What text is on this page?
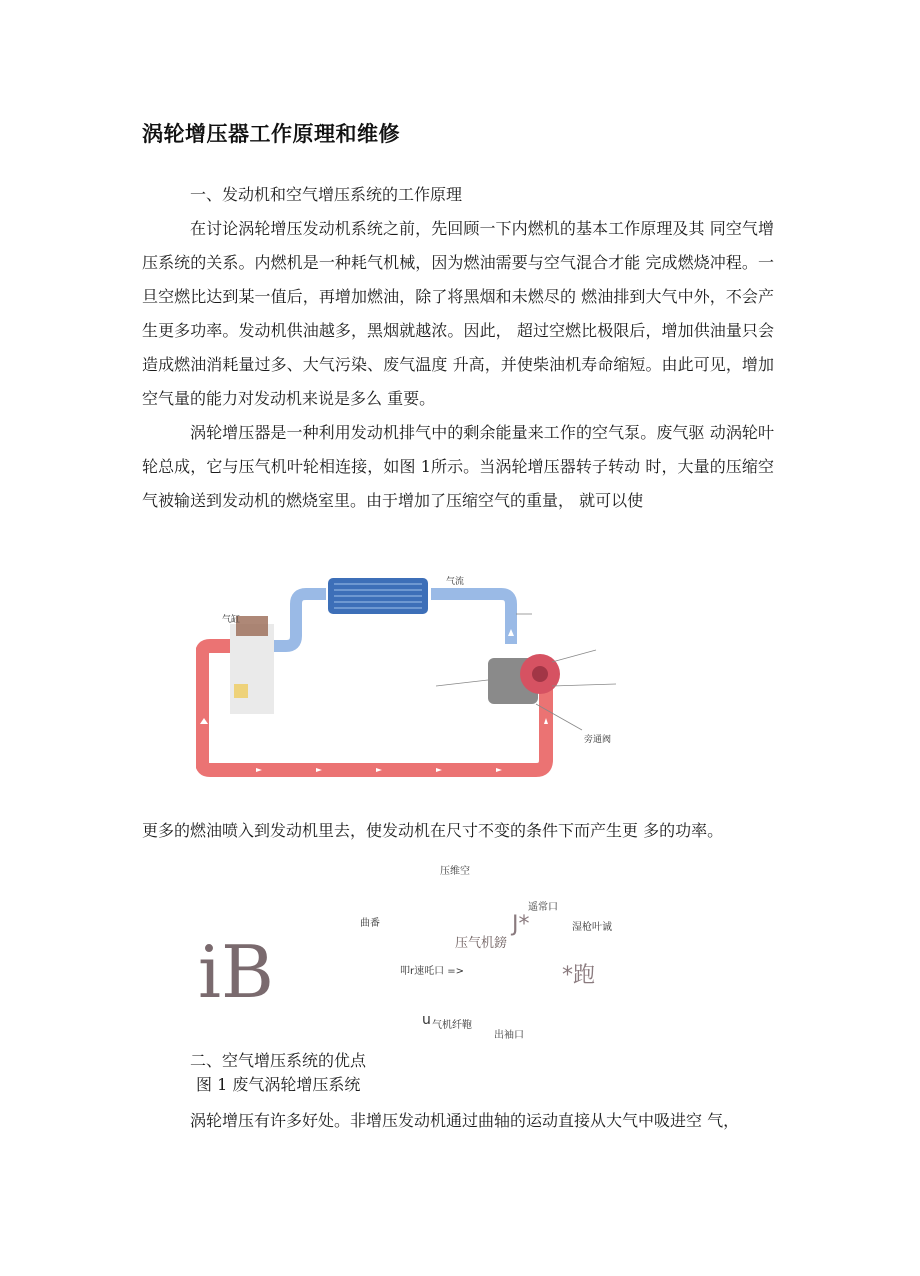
涡轮增压器工作原理和维修
一、发动机和空气增压系统的工作原理

在讨论涡轮增压发动机系统之前，先回顾一下内燃机的基本工作原理及其 同空气增压系统的关系。内燃机是一种耗气机械，因为燃油需要与空气混合才能 完成燃烧冲程。一旦空燃比达到某一值后，再增加燃油，除了将黑烟和未燃尽的 燃油排到大气中外，不会产生更多功率。发动机供油越多，黑烟就越浓。因此， 超过空燃比极限后，增加供油量只会造成燃油消耗量过多、大气污染、废气温度 升高，并使柴油机寿命缩短。由此可见，增加空气量的能力对发动机来说是多么 重要。

涡轮增压器是一种利用发动机排气中的剩余能量来工作的空气泵。废气驱 动涡轮叶轮总成，它与压气机叶轮相连接，如图 1所示。当涡轮增压器转子转动 时，大量的压缩空气被输送到发动机的燃烧室里。由于增加了压缩空气的重量， 就可以使

气流
气缸
旁通阀
更多的燃油喷入到发动机里去，使发动机在尺寸不变的条件下而产生更 多的功率。
压维空
遥常口
曲番	湿枪叶诚
压气机鎊
J*
iB	叩r速吒口 =>	*跑
u 气机纤鞄
出袖口
二、空气增压系统的优点
图 1 废气涡轮增压系统
涡轮增压有许多好处。非增压发动机通过曲轴的运动直接从大气中吸进空 气，
